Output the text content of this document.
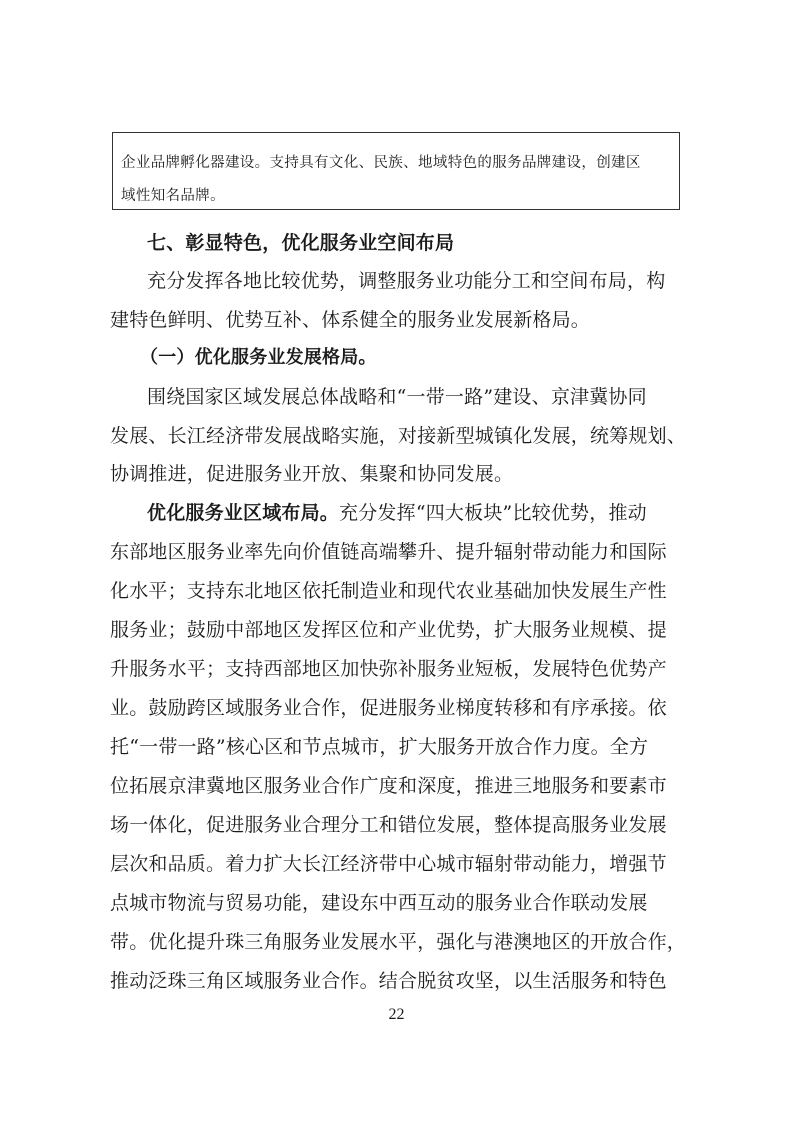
企业品牌孵化器建设。支持具有文化、民族、地域特色的服务品牌建设，创建区
域性知名品牌。
七、彰显特色，优化服务业空间布局
充分发挥各地比较优势，调整服务业功能分工和空间布局，构
建特色鲜明、优势互补、体系健全的服务业发展新格局。
（一）优化服务业发展格局。
围绕国家区域发展总体战略和“一带一路”建设、京津冀协同
发展、长江经济带发展战略实施，对接新型城镇化发展，统筹规划、
协调推进，促进服务业开放、集聚和协同发展。
优化服务业区域布局。充分发挥“四大板块”比较优势，推动
东部地区服务业率先向价值链高端攀升、提升辐射带动能力和国际
化水平；支持东北地区依托制造业和现代农业基础加快发展生产性
服务业；鼓励中部地区发挥区位和产业优势，扩大服务业规模、提
升服务水平；支持西部地区加快弥补服务业短板，发展特色优势产
业。鼓励跨区域服务业合作，促进服务业梯度转移和有序承接。依
托“一带一路”核心区和节点城市，扩大服务开放合作力度。全方
位拓展京津冀地区服务业合作广度和深度，推进三地服务和要素市
场一体化，促进服务业合理分工和错位发展，整体提高服务业发展
层次和品质。着力扩大长江经济带中心城市辐射带动能力，增强节
点城市物流与贸易功能，建设东中西互动的服务业合作联动发展
带。优化提升珠三角服务业发展水平，强化与港澳地区的开放合作，
推动泛珠三角区域服务业合作。结合脱贫攻坚，以生活服务和特色
22
